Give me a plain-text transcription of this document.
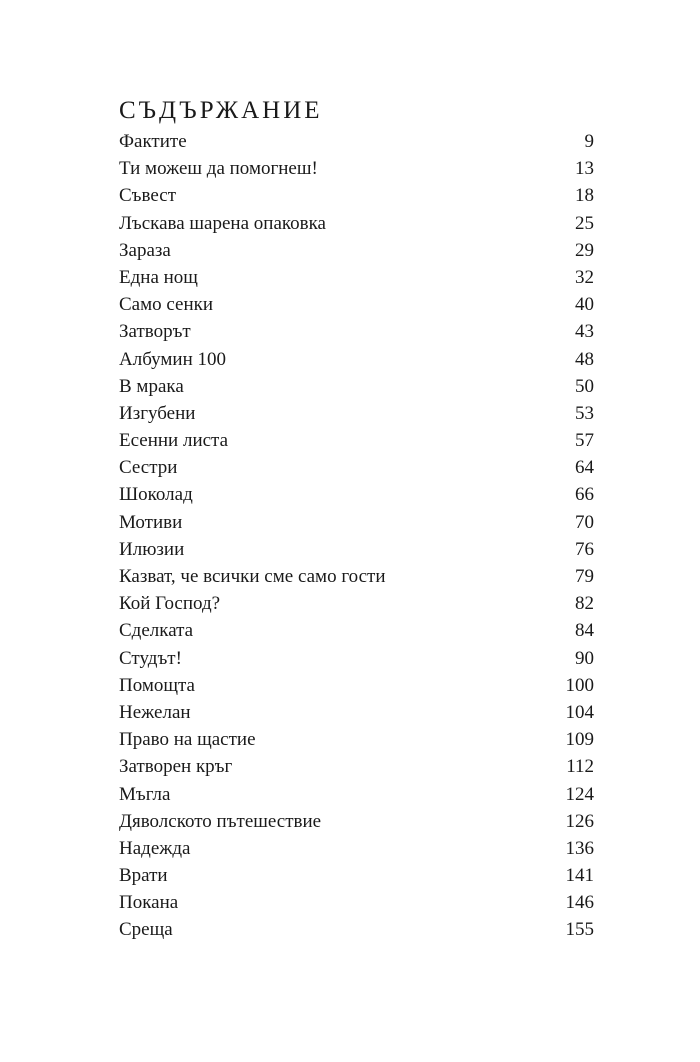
СЪДЪРЖАНИЕ
Фактите	9
Ти можеш да помогнеш!	13
Съвест	18
Лъскава шарена опаковка	25
Зараза	29
Една нощ	32
Само сенки	40
Затворът	43
Албумин 100	48
В мрака	50
Изгубени	53
Есенни листа	57
Сестри	64
Шоколад	66
Мотиви	70
Илюзии	76
Казват, че всички сме само гости	79
Кой Господ?	82
Сделката	84
Студът!	90
Помощта	100
Нежелан	104
Право на щастие	109
Затворен кръг	112
Мъгла	124
Дяволското пътешествие	126
Надежда	136
Врати	141
Покана	146
Среща	155
